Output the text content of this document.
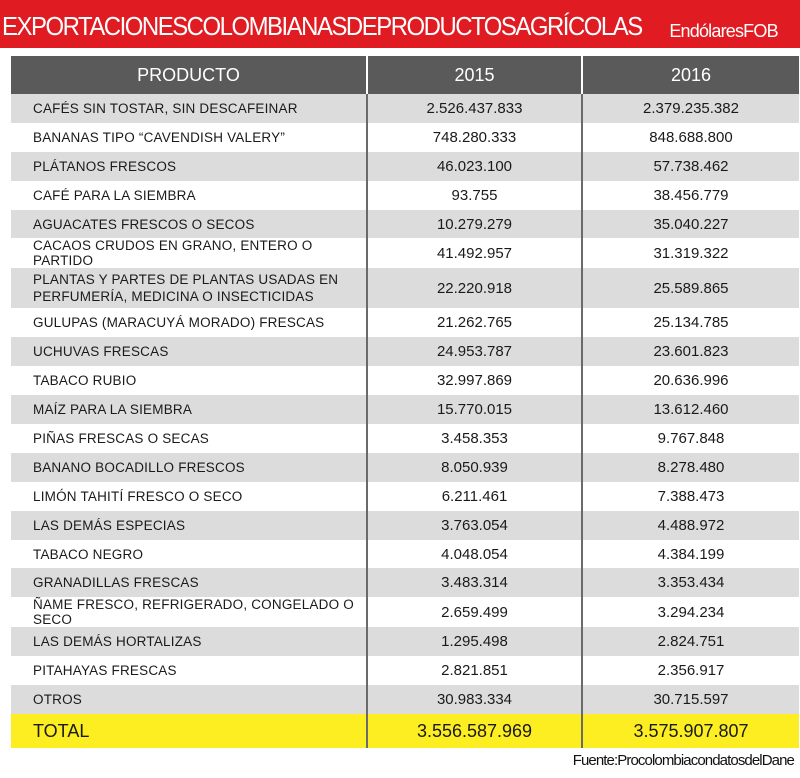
EXPORTACIONESCOLOMBIANASDEPRODUCTOSAGRÍCOLAS EndólaresFOB
PRODUCTO	2015	2016
CAFÉS SIN TOSTAR, SIN DESCAFEINAR	2.526.437.833	2.379.235.382
BANANAS TIPO “CAVENDISH VALERY”	748.280.333	848.688.800
PLÁTANOS FRESCOS	46.023.100	57.738.462
CAFÉ PARA LA SIEMBRA	93.755	38.456.779
AGUACATES FRESCOS O SECOS	10.279.279	35.040.227
CACAOS CRUDOS EN GRANO, ENTERO O PARTIDO	41.492.957	31.319.322
PLANTAS Y PARTES DE PLANTAS USADAS EN PERFUMERÍA, MEDICINA O INSECTICIDAS	22.220.918	25.589.865
GULUPAS (MARACUYÁ MORADO) FRESCAS	21.262.765	25.134.785
UCHUVAS FRESCAS	24.953.787	23.601.823
TABACO RUBIO	32.997.869	20.636.996
MAÍZ PARA LA SIEMBRA	15.770.015	13.612.460
PIÑAS FRESCAS O SECAS	3.458.353	9.767.848
BANANO BOCADILLO FRESCOS	8.050.939	8.278.480
LIMÓN TAHITÍ FRESCO O SECO	6.211.461	7.388.473
LAS DEMÁS ESPECIAS	3.763.054	4.488.972
TABACO NEGRO	4.048.054	4.384.199
GRANADILLAS FRESCAS	3.483.314	3.353.434
ÑAME FRESCO, REFRIGERADO, CONGELADO O SECO	2.659.499	3.294.234
LAS DEMÁS HORTALIZAS	1.295.498	2.824.751
PITAHAYAS FRESCAS	2.821.851	2.356.917
OTROS	30.983.334	30.715.597
TOTAL	3.556.587.969	3.575.907.807
Fuente:ProcolombiacondatosdelDane
